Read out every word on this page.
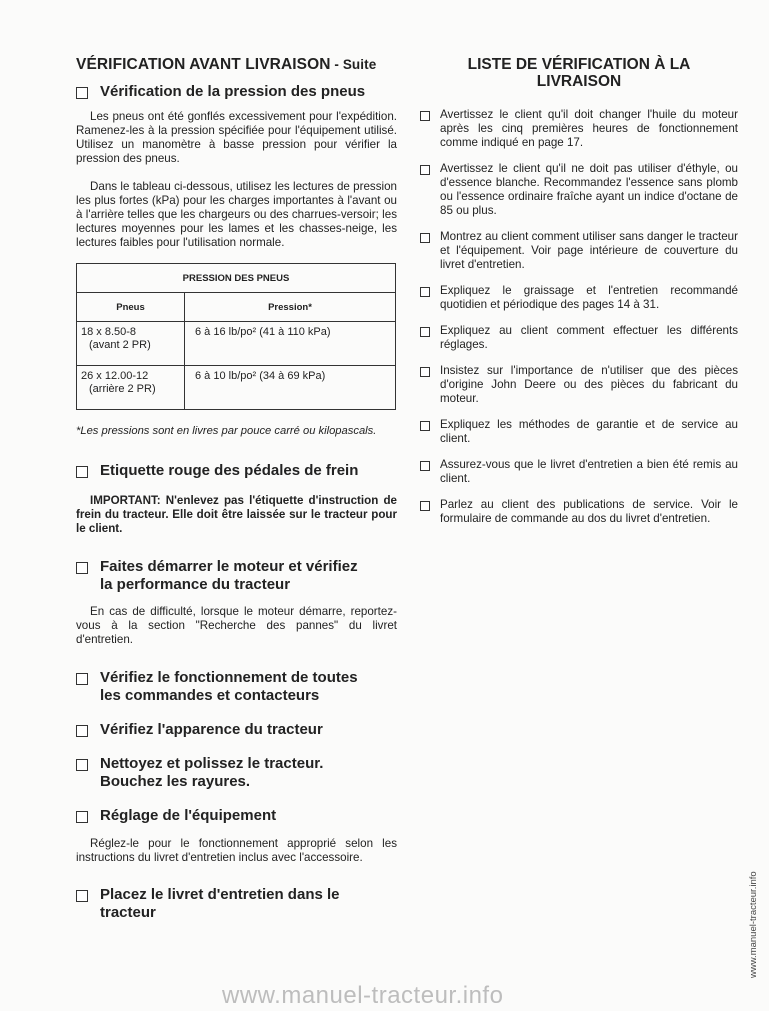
VÉRIFICATION AVANT LIVRAISON - Suite
Vérification de la pression des pneus

Les pneus ont été gonflés excessivement pour l'expédition. Ramenez-les à la pression spécifiée pour l'équipement utilisé. Utilisez un manomètre à basse pression pour vérifier la pression des pneus.

Dans le tableau ci-dessous, utilisez les lectures de pression les plus fortes (kPa) pour les charges importantes à l'avant ou à l'arrière telles que les chargeurs ou des charrues-versoir; les lectures moyennes pour les lames et les chasses-neige, les lectures faibles pour l'utilisation normale.

PRESSION DES PNEUS	
Pneus	Pression*

18 x 8.50-8
(avant 2 PR)	6 à 16 lb/po² (41 à 110 kPa)

26 x 12.00-12
(arrière 2 PR)	6 à 10 lb/po² (34 à 69 kPa)

*Les pressions sont en livres par pouce carré ou kilopascals.

Etiquette rouge des pédales de frein

IMPORTANT: N'enlevez pas l'étiquette d'instruction de frein du tracteur. Elle doit être laissée sur le tracteur pour le client.

Faites démarrer le moteur et vérifiez
la performance du tracteur

En cas de difficulté, lorsque le moteur démarre, reportez-vous à la section "Recherche des pannes" du livret d'entretien.

Vérifiez le fonctionnement de toutes
les commandes et contacteurs
Vérifiez l'apparence du tracteur
Nettoyez et polissez le tracteur.
Bouchez les rayures.
Réglage de l'équipement

Réglez-le pour le fonctionnement approprié selon les instructions du livret d'entretien inclus avec l'accessoire.

Placez le livret d'entretien dans le
tracteur
LISTE DE VÉRIFICATION À LA
LIVRAISON
Avertissez le client qu'il doit changer l'huile du moteur après les cinq premières heures de fonctionnement comme indiqué en page 17.
Avertissez le client qu'il ne doit pas utiliser d'éthyle, ou d'essence blanche. Recommandez l'essence sans plomb ou l'essence ordinaire fraîche ayant un indice d'octane de 85 ou plus.
Montrez au client comment utiliser sans danger le tracteur et l'équipement. Voir page intérieure de couverture du livret d'entretien.
Expliquez le graissage et l'entretien recommandé quotidien et périodique des pages 14 à 31.
Expliquez au client comment effectuer les différents réglages.
Insistez sur l'importance de n'utiliser que des pièces d'origine John Deere ou des pièces du fabricant du moteur.
Expliquez les méthodes de garantie et de service au client.
Assurez-vous que le livret d'entretien a bien été remis au client.
Parlez au client des publications de service. Voir le formulaire de commande au dos du livret d'entretien.
www.manuel-tracteur.info
www.manuel-tracteur.info
